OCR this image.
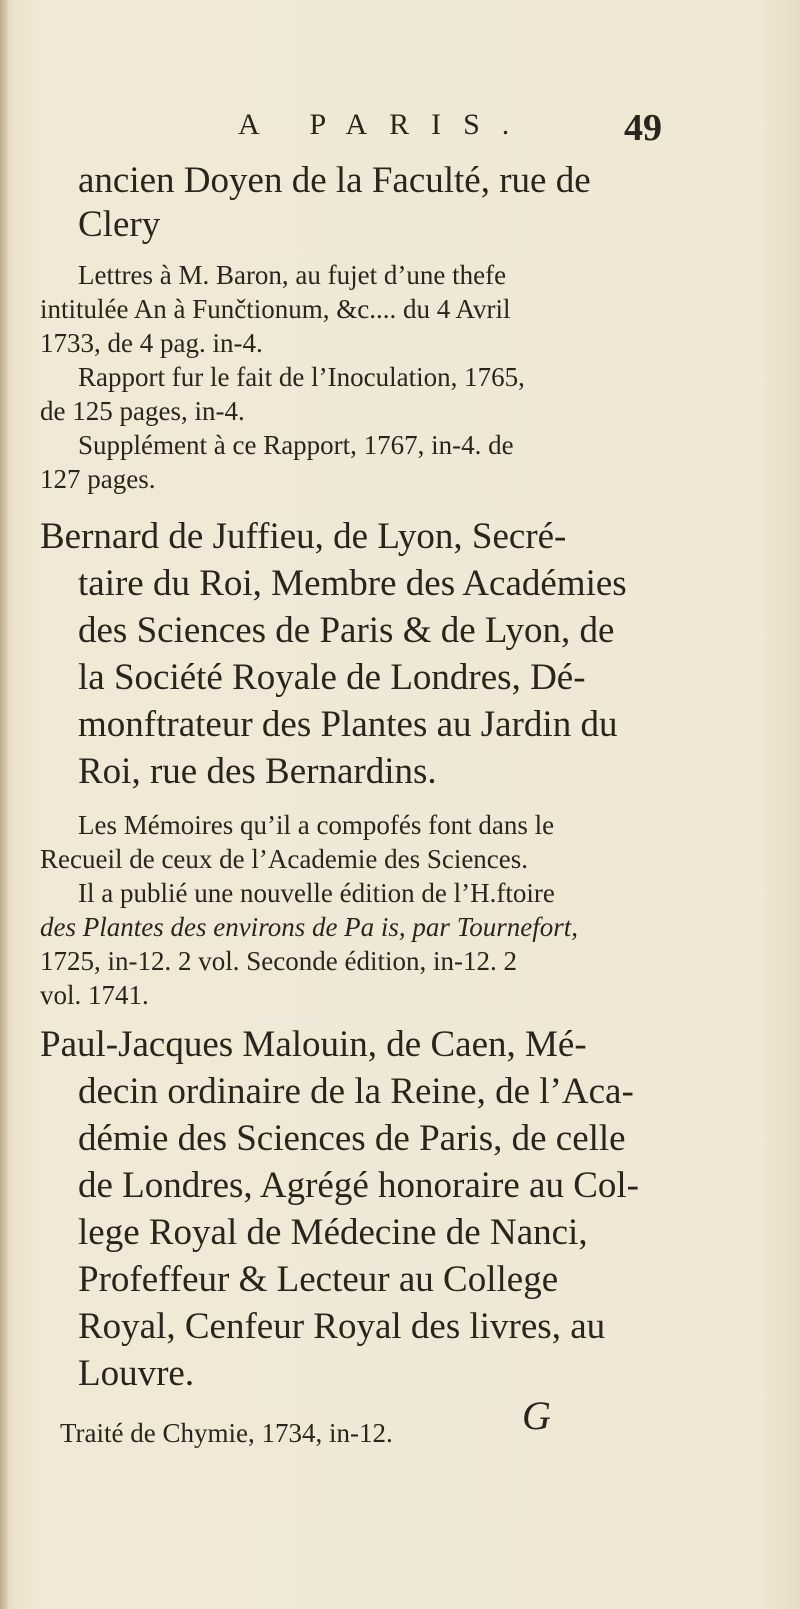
A PARIS. 49
ancien Doyen de la Faculté, rue de
Clery
Lettres à M. Baron, au fujet d’une thefe
intitulée An à Funčtionum, &c.... du 4 Avril
1733, de 4 pag. in-4.
Rapport fur le fait de l’Inoculation, 1765,
de 125 pages, in-4.
Supplément à ce Rapport, 1767, in-4. de
127 pages.
Bernard de Juffieu, de Lyon, Secré-
taire du Roi, Membre des Académies
des Sciences de Paris & de Lyon, de
la Société Royale de Londres, Dé-
monftrateur des Plantes au Jardin du
Roi, rue des Bernardins.
Les Mémoires qu’il a compofés font dans le
Recueil de ceux de l’Academie des Sciences.
Il a publié une nouvelle édition de l’H.ftoire
des Plantes des environs de Pa is, par Tournefort,
1725, in-12. 2 vol. Seconde édition, in-12. 2
vol. 1741.
Paul-Jacques Malouin, de Caen, Mé-
decin ordinaire de la Reine, de l’Aca-
démie des Sciences de Paris, de celle
de Londres, Agrégé honoraire au Col-
lege Royal de Médecine de Nanci,
Profeffeur & Lecteur au College
Royal, Cenfeur Royal des livres, au
Louvre.
Traité de Chymie, 1734, in-12.	G
